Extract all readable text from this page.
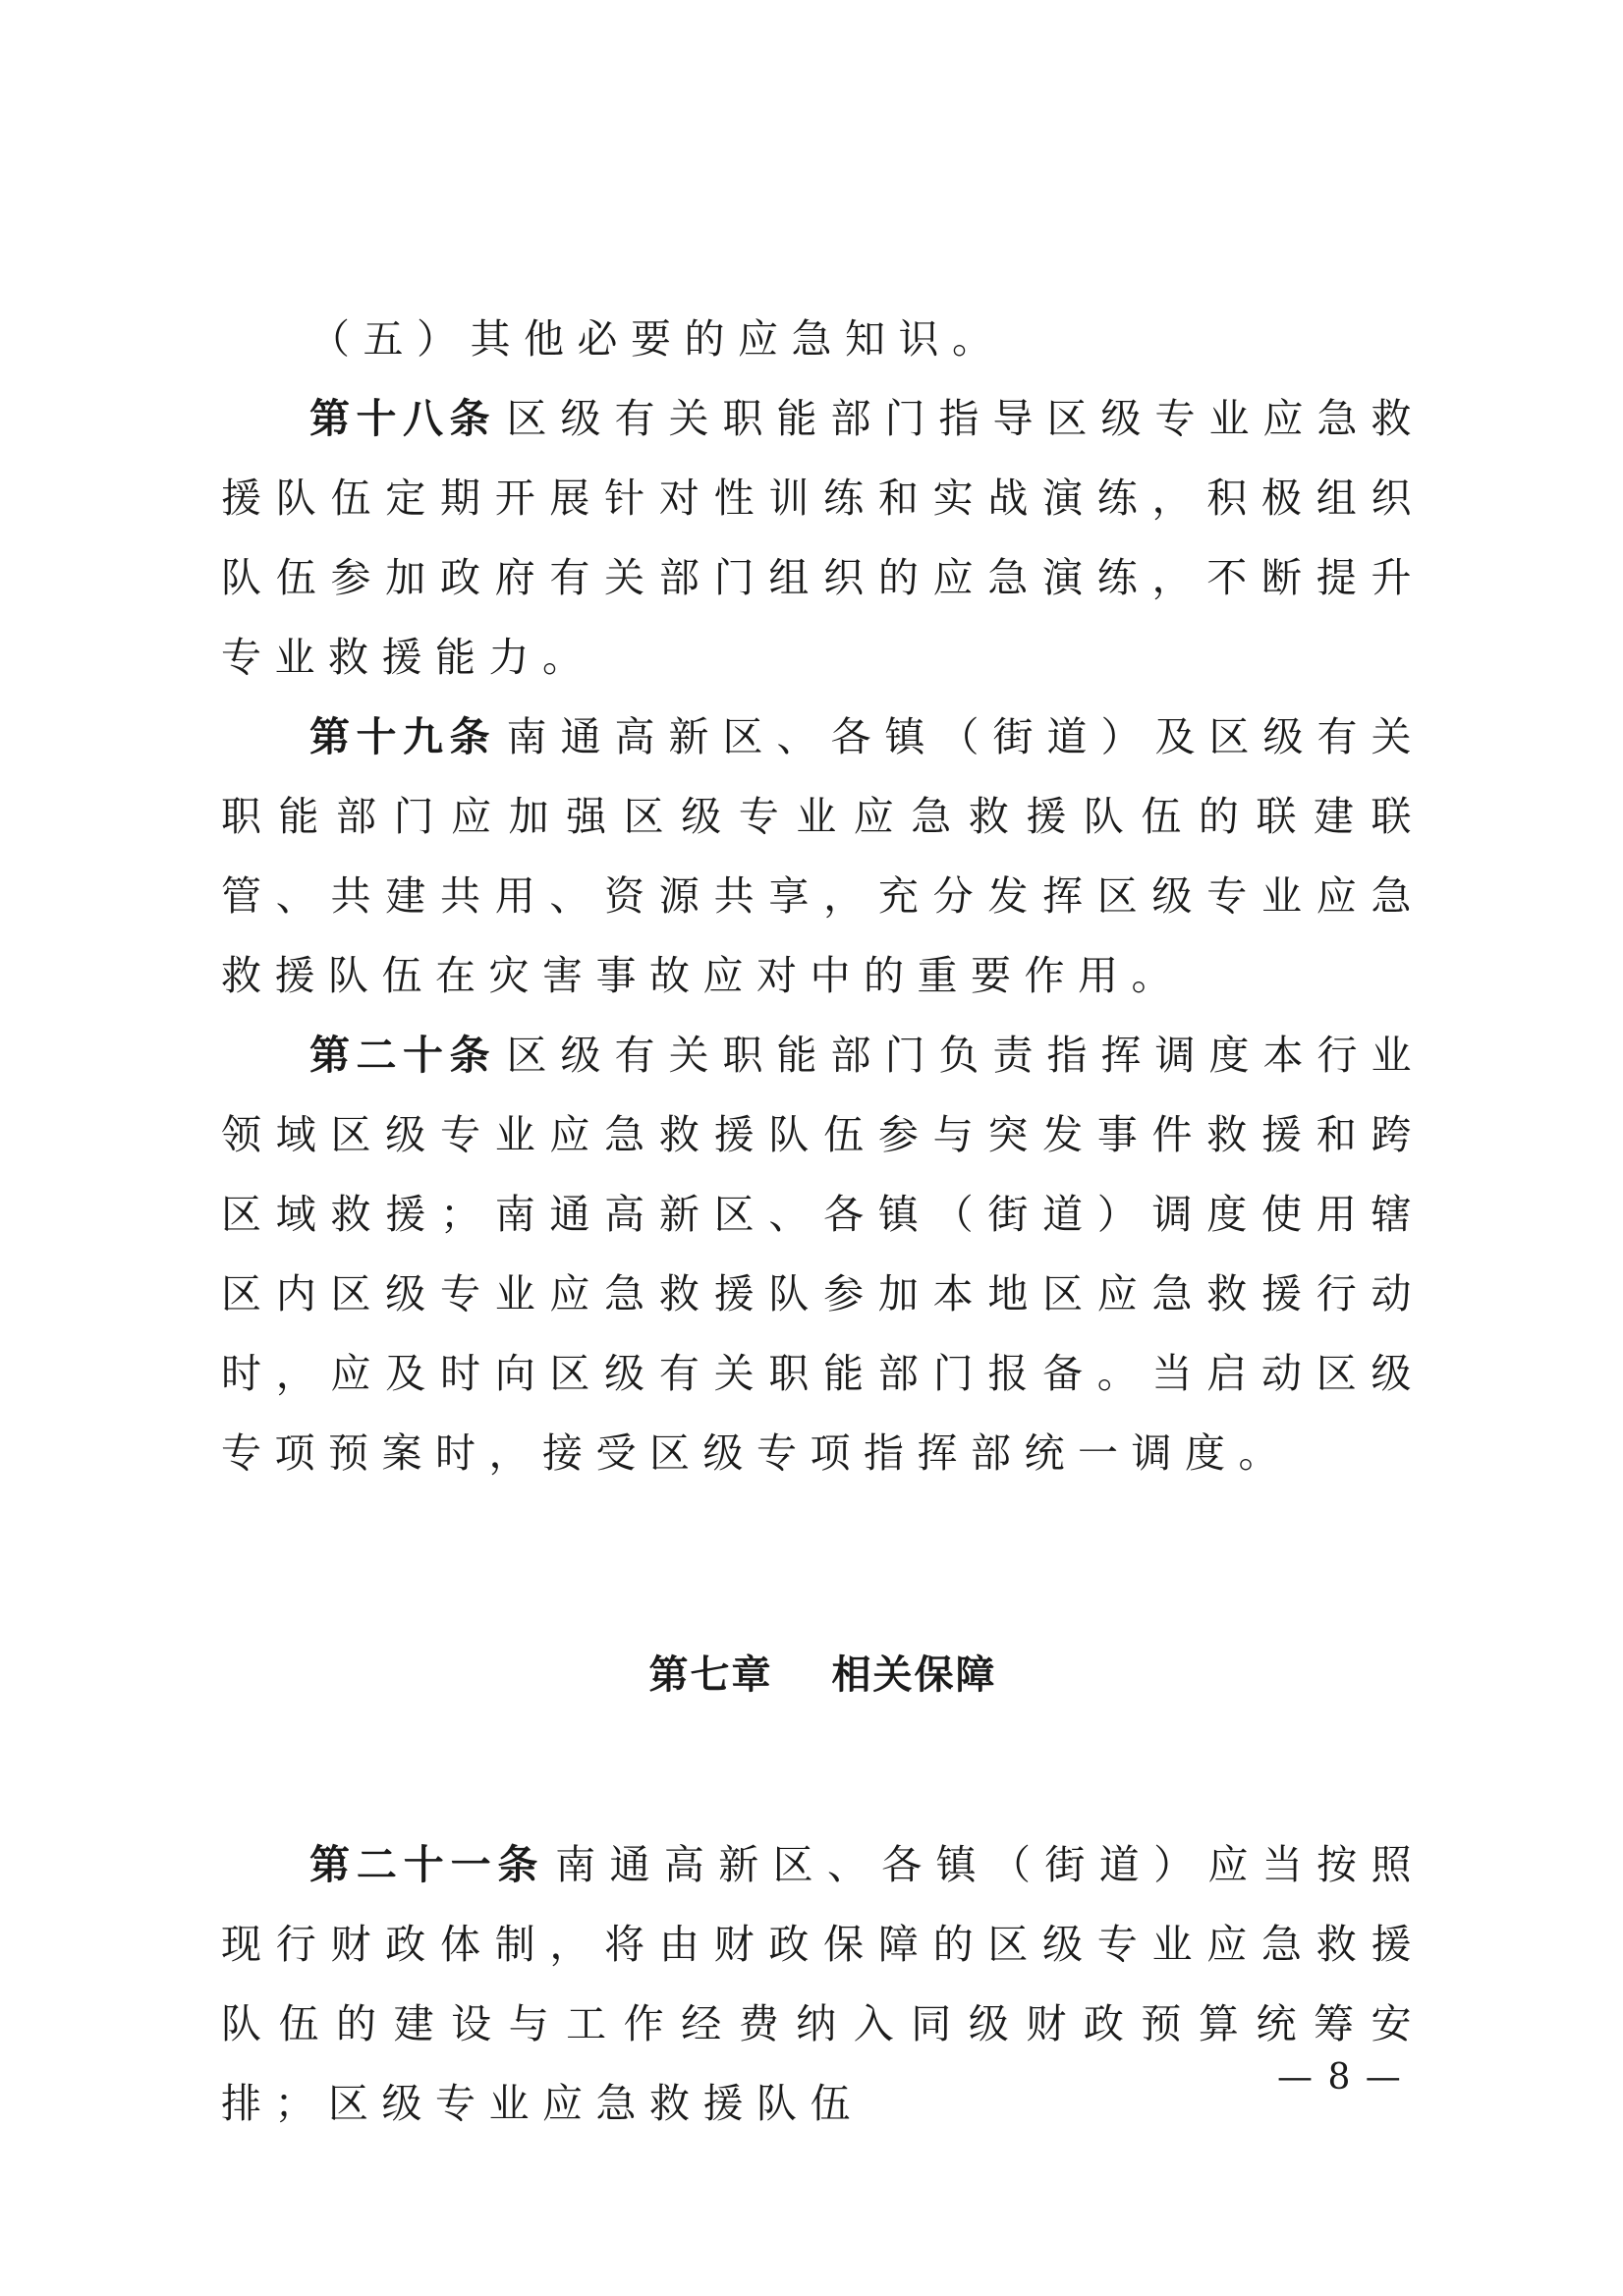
（五）其他必要的应急知识。

第十八条 区级有关职能部门指导区级专业应急救援队伍定期开展针对性训练和实战演练，积极组织队伍参加政府有关部门组织的应急演练，不断提升专业救援能力。

第十九条 南通高新区、各镇（街道）及区级有关职能部门应加强区级专业应急救援队伍的联建联管、共建共用、资源共享，充分发挥区级专业应急救援队伍在灾害事故应对中的重要作用。

第二十条 区级有关职能部门负责指挥调度本行业领域区级专业应急救援队伍参与突发事件救援和跨区域救援；南通高新区、各镇（街道）调度使用辖区内区级专业应急救援队参加本地区应急救援行动时，应及时向区级有关职能部门报备。当启动区级专项预案时，接受区级专项指挥部统一调度。

第七章 相关保障

第二十一条 南通高新区、各镇（街道）应当按照现行财政体制，将由财政保障的区级专业应急救援队伍的建设与工作经费纳入同级财政预算统筹安排；区级专业应急救援队伍

— 8 —
